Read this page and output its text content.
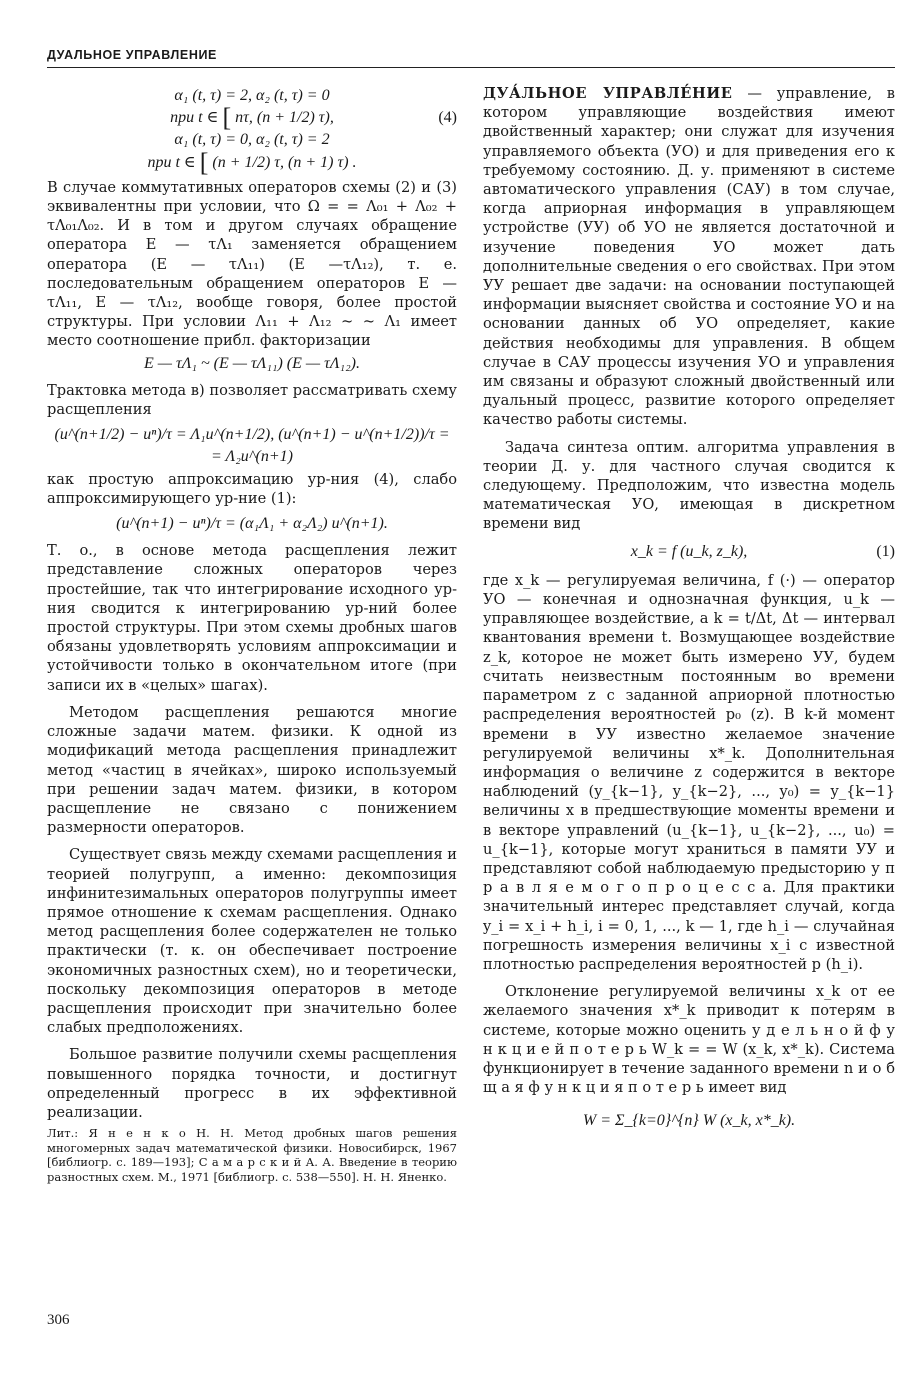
ДУАЛЬНОЕ УПРАВЛЕНИЕ
α₁ (t, τ) = 2, α₂ (t, τ) = 0
при t ∈ [ nτ, (n + 1/2) τ),	(4)
α₁ (t, τ) = 0, α₂ (t, τ) = 2
при t ∈ [ (n + 1/2) τ, (n + 1) τ) .

В случае коммутативных операторов схемы (2) и (3) эквивалентны при условии, что Ω = = Λ₀₁ + Λ₀₂ + τΛ₀₁Λ₀₂. И в том и другом случаях обращение оператора E — τΛ₁ заменяется обращением оператора (E — τΛ₁₁) (E —τΛ₁₂), т. е. последовательным обращением операторов E — τΛ₁₁, E — τΛ₁₂, вообще говоря, более простой структуры. При условии Λ₁₁ + Λ₁₂ ~ ~ Λ₁ имеет место соотношение прибл. факторизации

E — τΛ₁ ~ (E — τΛ₁₁) (E — τΛ₁₂).

Трактовка метода в) позволяет рассматривать схему расщепления

(u^(n+1/2) − uⁿ)/τ = Λ₁u^(n+1/2), (u^(n+1) − u^(n+1/2))/τ =
= Λ₂u^(n+1)

как простую аппроксимацию ур-ния (4), слабо аппроксимирующего ур-ние (1):

(u^(n+1) − uⁿ)/τ = (α₁Λ₁ + α₂Λ₂) u^(n+1).

Т. о., в основе метода расщепления лежит представление сложных операторов через простейшие, так что интегрирование исходного ур-ния сводится к интегрированию ур-ний более простой структуры. При этом схемы дробных шагов обязаны удовлетворять условиям аппроксимации и устойчивости только в окончательном итоге (при записи их в «целых» шагах).

Методом расщепления решаются многие сложные задачи матем. физики. К одной из модификаций метода расщепления принадлежит метод «частиц в ячейках», широко используемый при решении задач матем. физики, в котором расщепление не связано с понижением размерности операторов.

Существует связь между схемами расщепления и теорией полугрупп, а именно: декомпозиция инфинитезимальных операторов полугруппы имеет прямое отношение к схемам расщепления. Однако метод расщепления более содержателен не только практически (т. к. он обеспечивает построение экономичных разностных схем), но и теоретически, поскольку декомпозиция операторов в методе расщепления происходит при значительно более слабых предположениях.

Большое развитие получили схемы расщепления повышенного порядка точности, и достигнут определенный прогресс в их эффективной реализации.

Лит.: Я н е н к о Н. Н. Метод дробных шагов решения многомерных задач математической физики. Новосибирск, 1967 [библиогр. с. 189—193]; С а м а р с к и й А. А. Введение в теорию разностных схем. М., 1971 [библиогр. с. 538—550]. Н. Н. Яненко.

ДУА́ЛЬНОЕ УПРАВЛЕ́НИЕ — управление, в котором управляющие воздействия имеют двойственный характер; они служат для изучения управляемого объекта (УО) и для приведения его к требуемому состоянию. Д. у. применяют в системе автоматического управления (САУ) в том случае, когда априорная информация в управляющем устройстве (УУ) об УО не является достаточной и изучение поведения УО может дать дополнительные сведения о его свойствах. При этом УУ решает две задачи: на основании поступающей информации выясняет свойства и состояние УО и на основании данных об УО определяет, какие действия необходимы для управления. В общем случае в САУ процессы изучения УО и управления им связаны и образуют сложный двойственный или дуальный процесс, развитие которого определяет качество работы системы.

Задача синтеза оптим. алгоритма управления в теории Д. у. для частного случая сводится к следующему. Предположим, что известна модель математическая УО, имеющая в дискретном времени вид

x_k = f (u_k, z_k),	(1)

где x_k — регулируемая величина, f (·) — оператор УО — конечная и однозначная функция, u_k — управляющее воздействие, а k = t/Δt, Δt — интервал квантования времени t. Возмущающее воздействие z_k, которое не может быть измерено УУ, будем считать неизвестным постоянным во времени параметром z с заданной априорной плотностью распределения вероятностей p₀ (z). В k-й момент времени в УУ известно желаемое значение регулируемой величины x*_k. Дополнительная информация о величине z содержится в векторе наблюдений (y_{k−1}, y_{k−2}, ..., y₀) = y_{k−1} величины x в предшествующие моменты времени и в векторе управлений (u_{k−1}, u_{k−2}, ..., u₀) = u_{k−1}, которые могут храниться в памяти УУ и представляют собой наблюдаемую предысторию у п р а в л я е м о г о п р о ц е с с а. Для практики значительный интерес представляет случай, когда y_i = x_i + h_i, i = 0, 1, ..., k — 1, где h_i — случайная погрешность измерения величины x_i с известной плотностью распределения вероятностей p (h_i).

Отклонение регулируемой величины x_k от ее желаемого значения x*_k приводит к потерям в системе, которые можно оценить у д е л ь н о й ф у н к ц и е й п о т е р ь W_k = = W (x_k, x*_k). Система функционирует в течение заданного времени n и о б щ а я ф у н к ц и я п о т е р ь имеет вид

W = Σ_{k=0}^{n} W (x_k, x*_k).
306
